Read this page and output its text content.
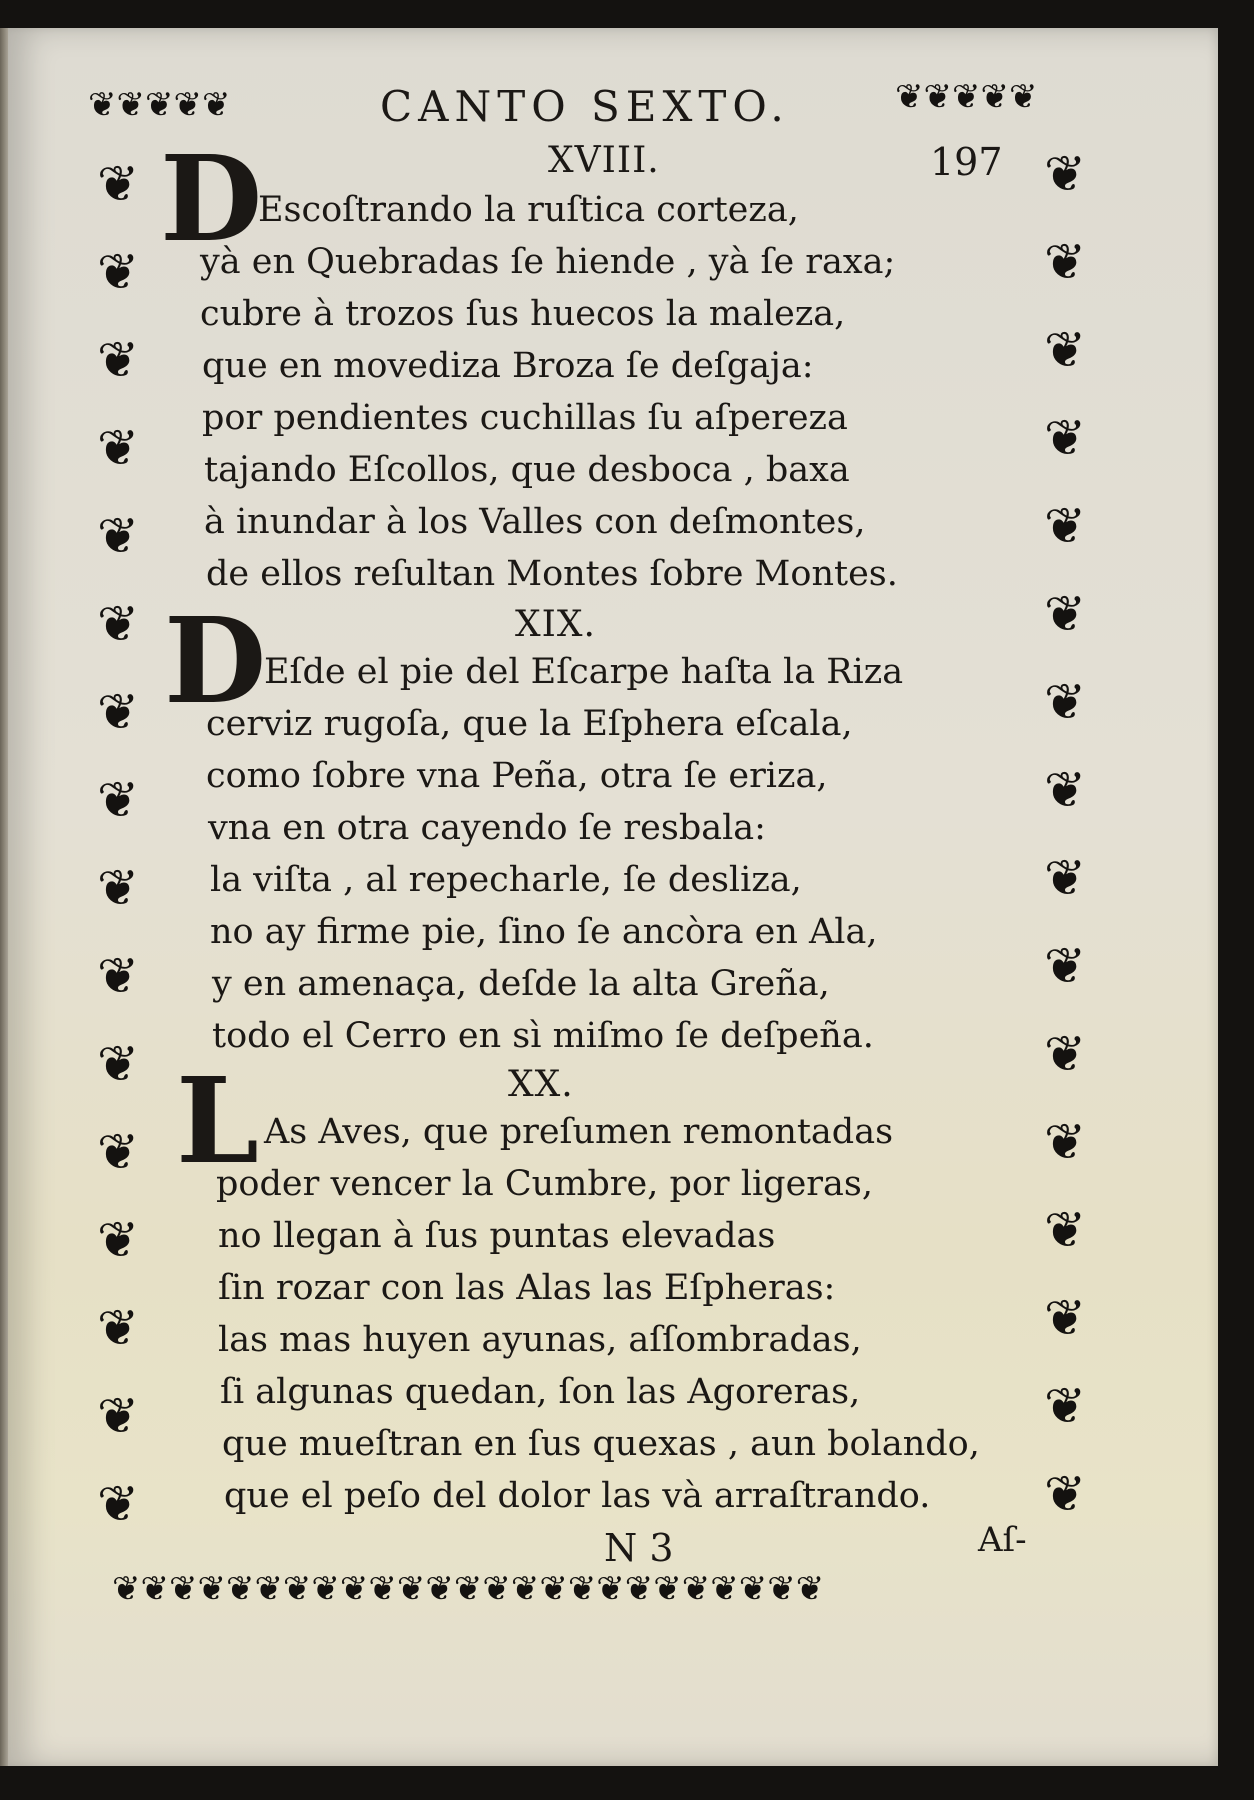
❦❦❦❦❦	❦❦❦❦❦
❦
❦
❦
❦
❦
❦
❦
❦
❦
❦
❦
❦
❦
❦
❦
❦
❦
❦
❦
❦
❦
❦
❦
❦
❦
❦
❦
❦
❦
❦
❦
❦
❦❦❦❦❦❦❦❦❦❦❦❦❦❦❦❦❦❦❦❦❦❦❦❦❦
CANTO SEXTO.
197
XVIII.
D
Escoſtrando la ruſtica corteza,
yà en Quebradas ſe hiende , yà ſe raxa;
cubre à trozos ſus huecos la maleza,
que en movediza Broza ſe deſgaja:
por pendientes cuchillas ſu aſpereza
tajando Eſcollos, que desboca , baxa
à inundar à los Valles con deſmontes,
de ellos reſultan Montes ſobre Montes.
XIX.
D
Eſde el pie del Eſcarpe haſta la Riza
cerviz rugoſa, que la Eſphera eſcala,
como ſobre vna Peña, otra ſe eriza,
vna en otra cayendo ſe resbala:
la viſta , al repecharle, ſe desliza,
no ay firme pie, ſino ſe ancòra en Ala,
y en amenaça, deſde la alta Greña,
todo el Cerro en sì miſmo ſe deſpeña.
XX.
L As Aves, que preſumen remontadas
poder vencer la Cumbre, por ligeras,
no llegan à ſus puntas elevadas
ſin rozar con las Alas las Eſpheras:
las mas huyen ayunas, aſſombradas,
ſi algunas quedan, ſon las Agoreras,
que mueſtran en ſus quexas , aun bolando,
que el peſo del dolor las và arraſtrando.
N 3	Aſ-
